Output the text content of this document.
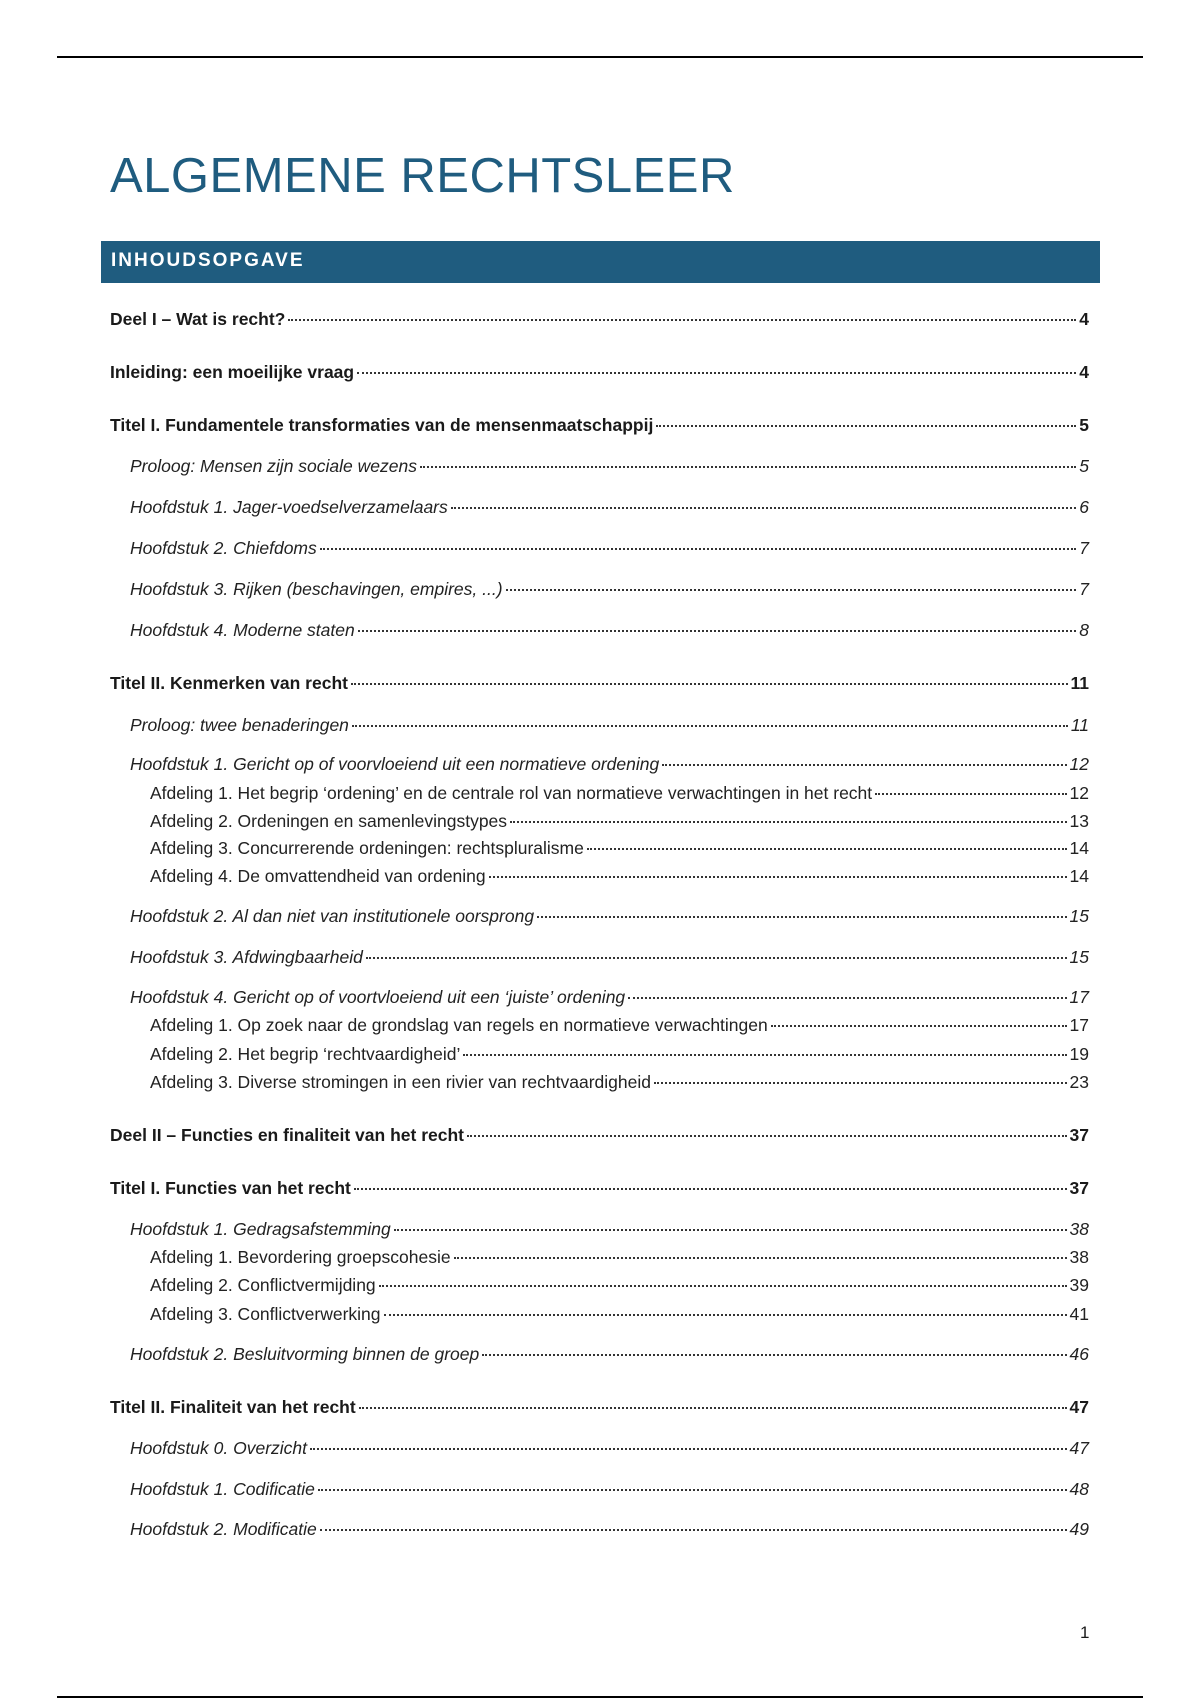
ALGEMENE RECHTSLEER
INHOUDSOPGAVE
Deel I – Wat is recht?	4
Inleiding: een moeilijke vraag	4
Titel I. Fundamentele transformaties van de mensenmaatschappij	5
Proloog: Mensen zijn sociale wezens	5
Hoofdstuk 1. Jager-voedselverzamelaars	6
Hoofdstuk 2. Chiefdoms	7
Hoofdstuk 3. Rijken (beschavingen, empires, ...)	7
Hoofdstuk 4. Moderne staten	8
Titel II. Kenmerken van recht	11
Proloog: twee benaderingen	11
Hoofdstuk 1. Gericht op of voorvloeiend uit een normatieve ordening	12
Afdeling 1. Het begrip ‘ordening’ en de centrale rol van normatieve verwachtingen in het recht	12
Afdeling 2. Ordeningen en samenlevingstypes	13
Afdeling 3. Concurrerende ordeningen: rechtspluralisme	14
Afdeling 4. De omvattendheid van ordening	14
Hoofdstuk 2. Al dan niet van institutionele oorsprong	15
Hoofdstuk 3. Afdwingbaarheid	15
Hoofdstuk 4. Gericht op of voortvloeiend uit een ‘juiste’ ordening	17
Afdeling 1. Op zoek naar de grondslag van regels en normatieve verwachtingen	17
Afdeling 2. Het begrip ‘rechtvaardigheid’	19
Afdeling 3. Diverse stromingen in een rivier van rechtvaardigheid	23
Deel II – Functies en finaliteit van het recht	37
Titel I. Functies van het recht	37
Hoofdstuk 1. Gedragsafstemming	38
Afdeling 1. Bevordering groepscohesie	38
Afdeling 2. Conflictvermijding	39
Afdeling 3. Conflictverwerking	41
Hoofdstuk 2. Besluitvorming binnen de groep	46
Titel II. Finaliteit van het recht	47
Hoofdstuk 0. Overzicht	47
Hoofdstuk 1. Codificatie	48
Hoofdstuk 2. Modificatie	49
1
